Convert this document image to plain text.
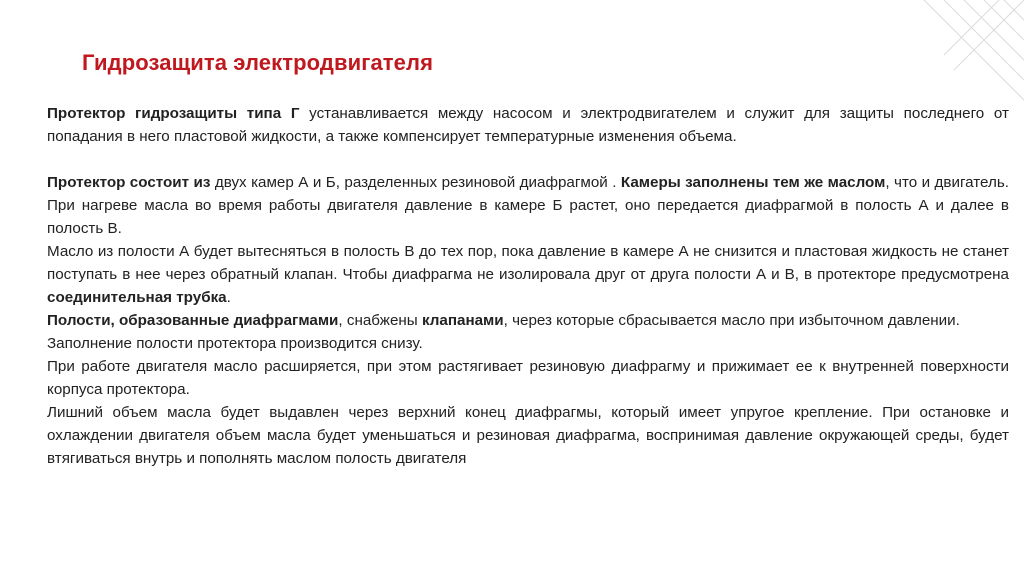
Гидрозащита электродвигателя

Протектор гидрозащиты типа Г устанавливается между насосом и электродвигателем и служит для защиты последнего от попадания в него пластовой жидкости, а также компенсирует температурные изменения объема.

Протектор состоит из двух камер А и Б, разделенных резиновой диафрагмой . Камеры заполнены тем же маслом, что и двигатель. При нагреве масла во время работы двигателя давление в камере Б растет, оно передается диафрагмой в полость А и далее в полость В.

Масло из полости А будет вытесняться в полость В до тех пор, пока давление в камере А не снизится и пластовая жидкость не станет поступать в нее через обратный клапан. Чтобы диафрагма не изолировала друг от друга полости А и В, в протекторе предусмотрена соединительная трубка.

Полости, образованные диафрагмами, снабжены клапанами, через которые сбрасывается масло при избыточном давлении.

Заполнение полости протектора производится снизу.

При работе двигателя масло расширяется, при этом растягивает резиновую диафрагму и прижимает ее к внутренней поверхности корпуса протектора.

Лишний объем масла будет выдавлен через верхний конец диафрагмы, который имеет упругое крепление. При остановке и охлаждении двигателя объем масла будет уменьшаться и резиновая диафрагма, воспринимая давление окружающей среды, будет втягиваться внутрь и пополнять маслом полость двигателя
